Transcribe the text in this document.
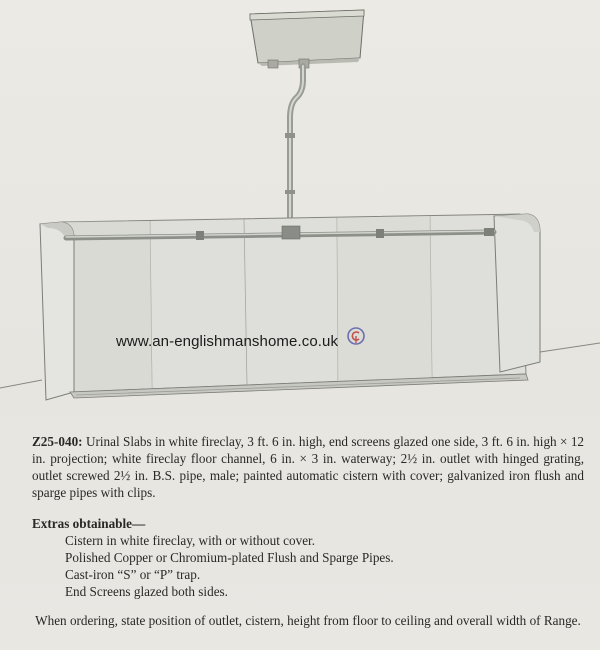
www.an-englishmanshome.co.uk

Z25-040: Urinal Slabs in white fireclay, 3 ft. 6 in. high, end screens glazed one side, 3 ft. 6 in. high × 12 in. projection; white fireclay floor channel, 6 in. × 3 in. waterway; 2½ in. outlet with hinged grating, outlet screwed 2½ in. B.S. pipe, male; painted automatic cistern with cover; galvanized iron flush and sparge pipes with clips.

Extras obtainable—

Cistern in white fireclay, with or without cover.
Polished Copper or Chromium-plated Flush and Sparge Pipes.
Cast-iron “S” or “P” trap.
End Screens glazed both sides.

When ordering, state position of outlet, cistern, height from floor to ceiling and overall width of Range.
